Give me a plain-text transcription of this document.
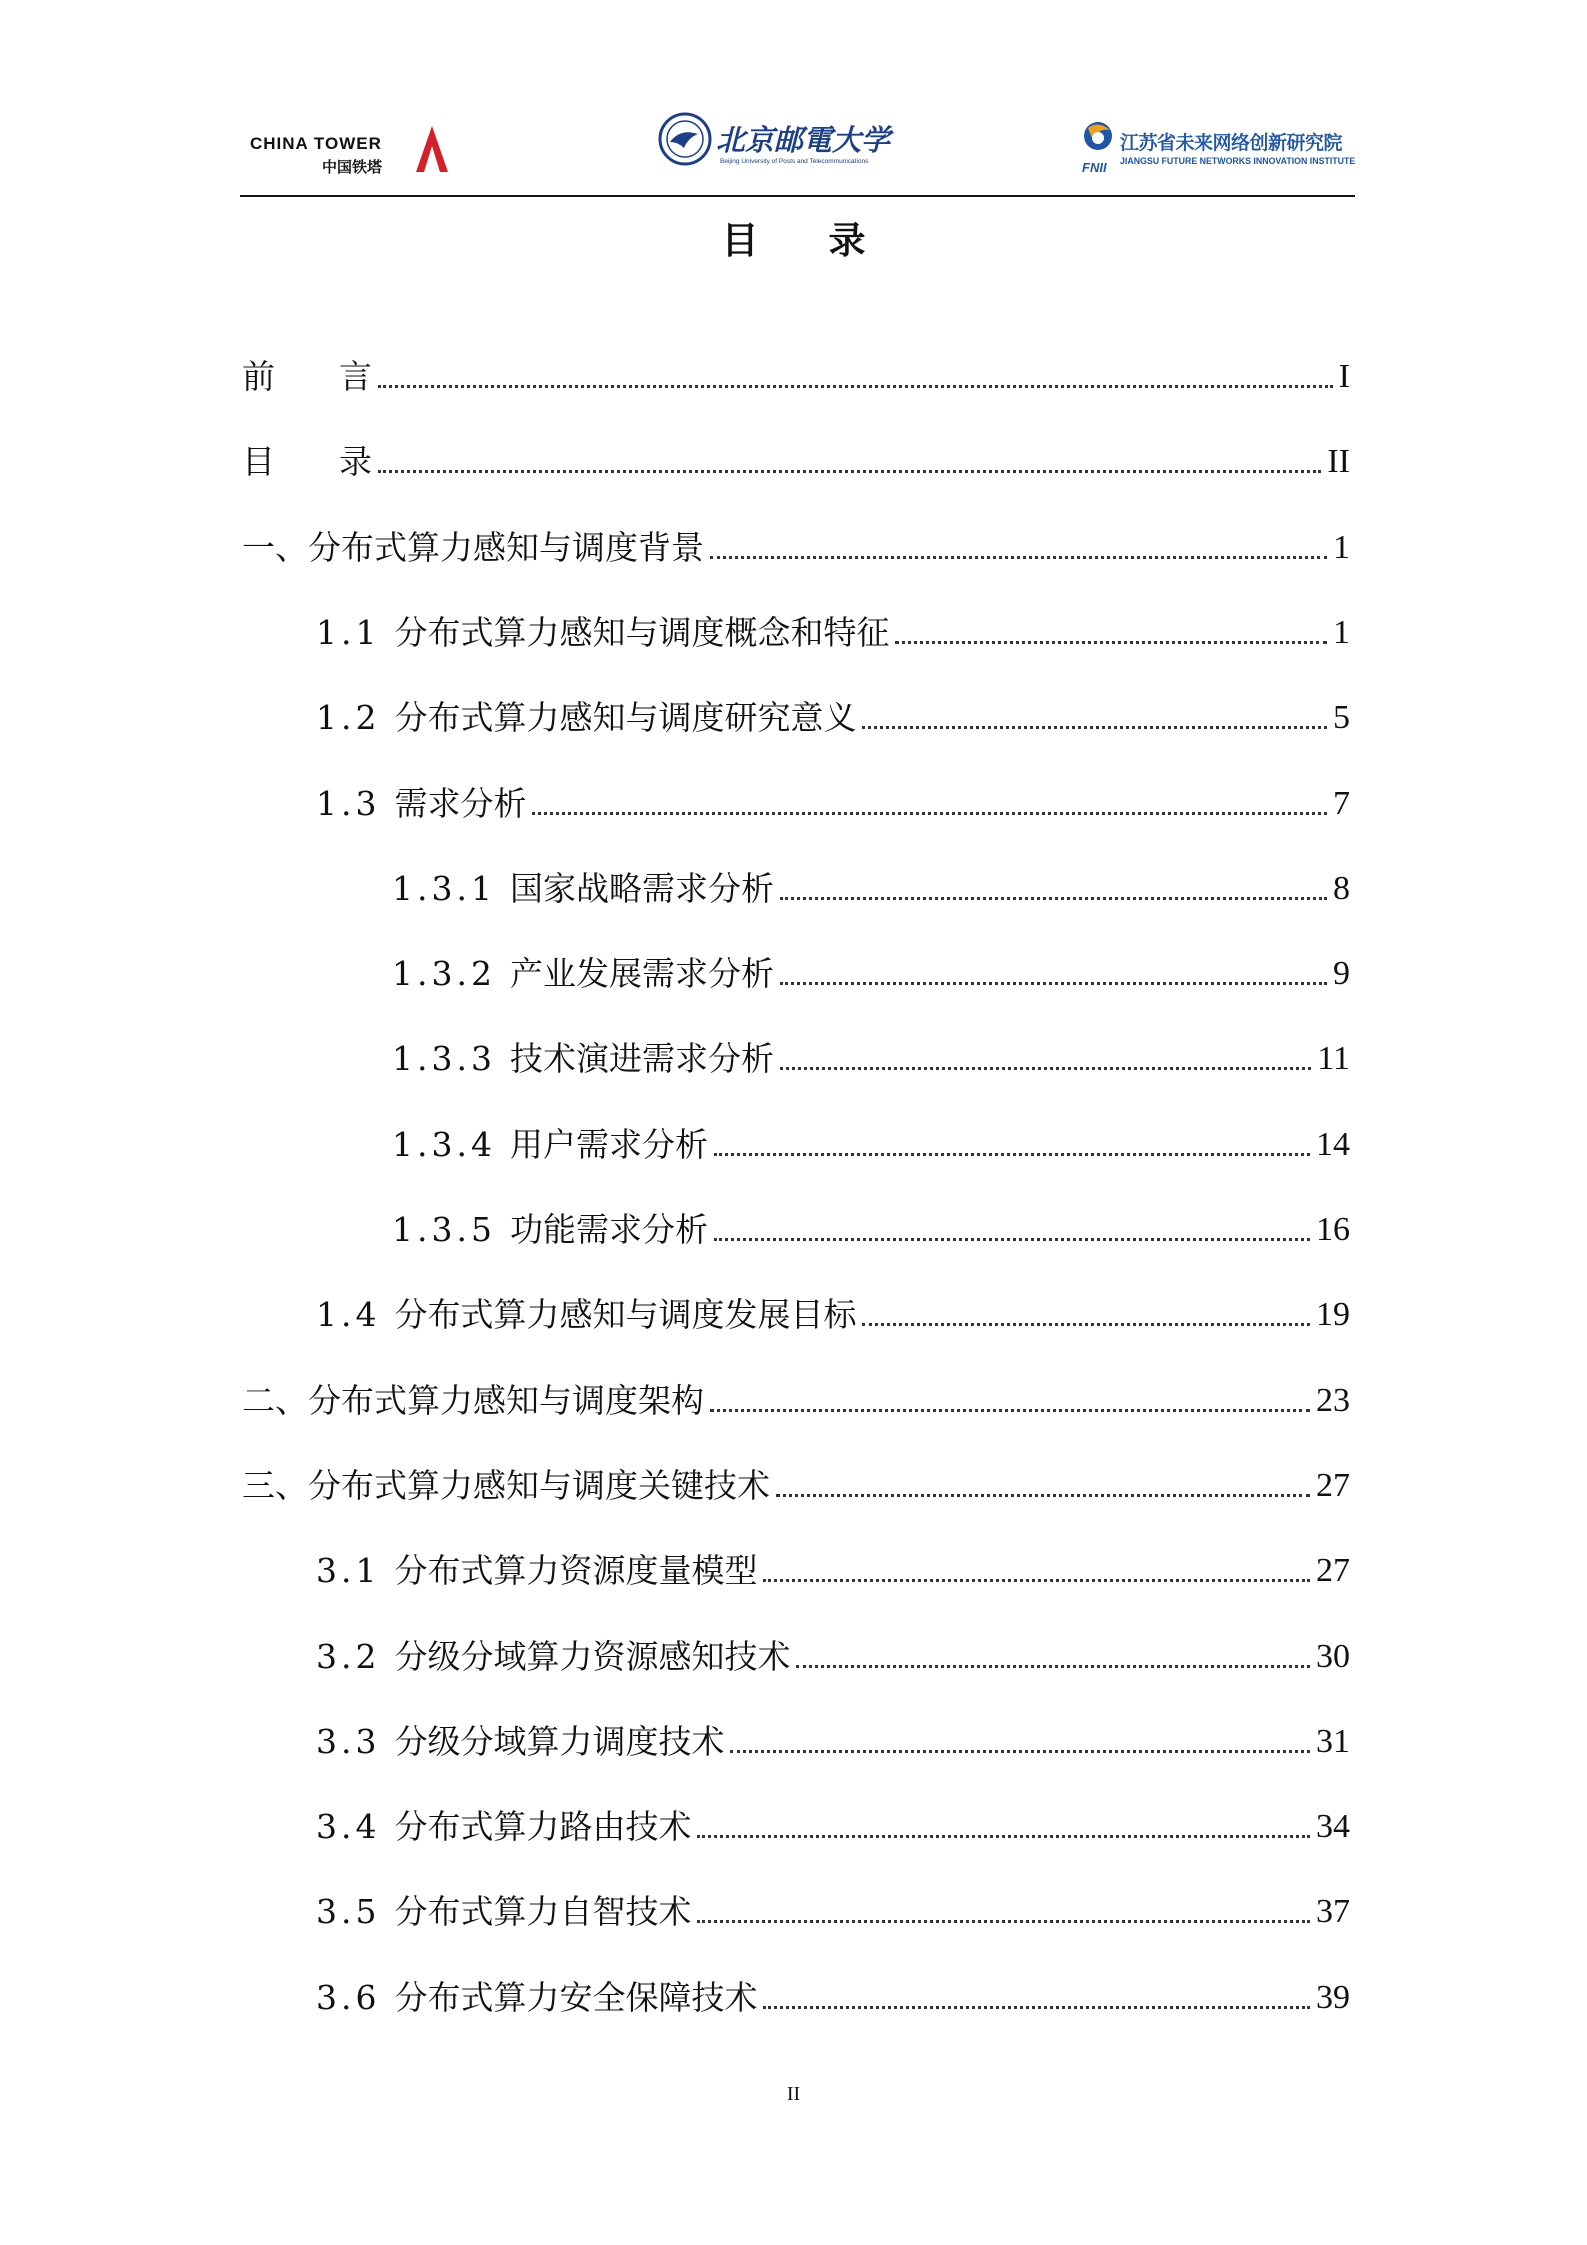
CHINA TOWER
中国铁塔
北京邮電大学
Beijing University of Posts and Telecommunications	FNII
江苏省未来网络创新研究院
JIANGSU FUTURE NETWORKS INNOVATION INSTITUTE
目录
前言	I
目录	II
一、分布式算力感知与调度背景	1
1.1 分布式算力感知与调度概念和特征	1
1.2 分布式算力感知与调度研究意义	5
1.3 需求分析	7
1.3.1 国家战略需求分析	8
1.3.2 产业发展需求分析	9
1.3.3 技术演进需求分析	11
1.3.4 用户需求分析	14
1.3.5 功能需求分析	16
1.4 分布式算力感知与调度发展目标	19
二、分布式算力感知与调度架构	23
三、分布式算力感知与调度关键技术	27
3.1 分布式算力资源度量模型	27
3.2 分级分域算力资源感知技术	30
3.3 分级分域算力调度技术	31
3.4 分布式算力路由技术	34
3.5 分布式算力自智技术	37
3.6 分布式算力安全保障技术	39
II
